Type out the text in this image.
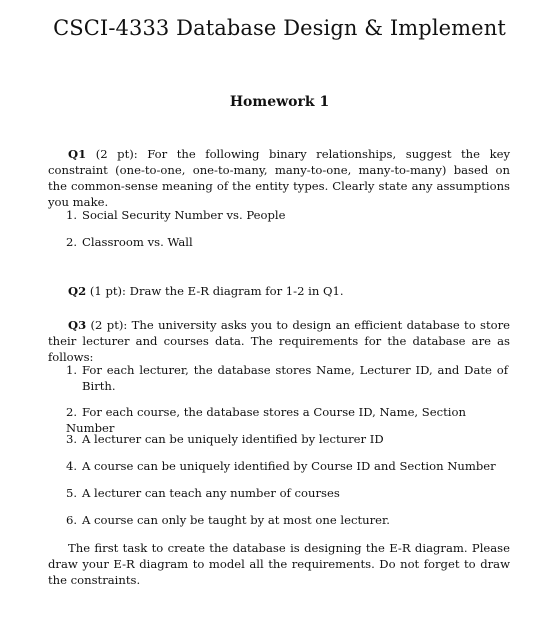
CSCI-4333 Database Design & Implement
Homework 1

Q1 (2 pt): For the following binary relationships, suggest the key constraint (one-to-one, one-to-many, many-to-one, many-to-many) based on the common-sense meaning of the entity types. Clearly state any assumptions you make.

1. Social Security Number vs. People
2. Classroom vs. Wall

Q2 (1 pt): Draw the E-R diagram for 1-2 in Q1.

Q3 (2 pt): The university asks you to design an efficient database to store their lecturer and courses data. The requirements for the database are as follows:

1. For each lecturer, the database stores Name, Lecturer ID, and Date of Birth.
2. For each course, the database stores a Course ID, Name, Section Number
3. A lecturer can be uniquely identified by lecturer ID
4. A course can be uniquely identified by Course ID and Section Number
5. A lecturer can teach any number of courses
6. A course can only be taught by at most one lecturer.

The first task to create the database is designing the E-R diagram. Please draw your E-R diagram to model all the requirements. Do not forget to draw the constraints.
